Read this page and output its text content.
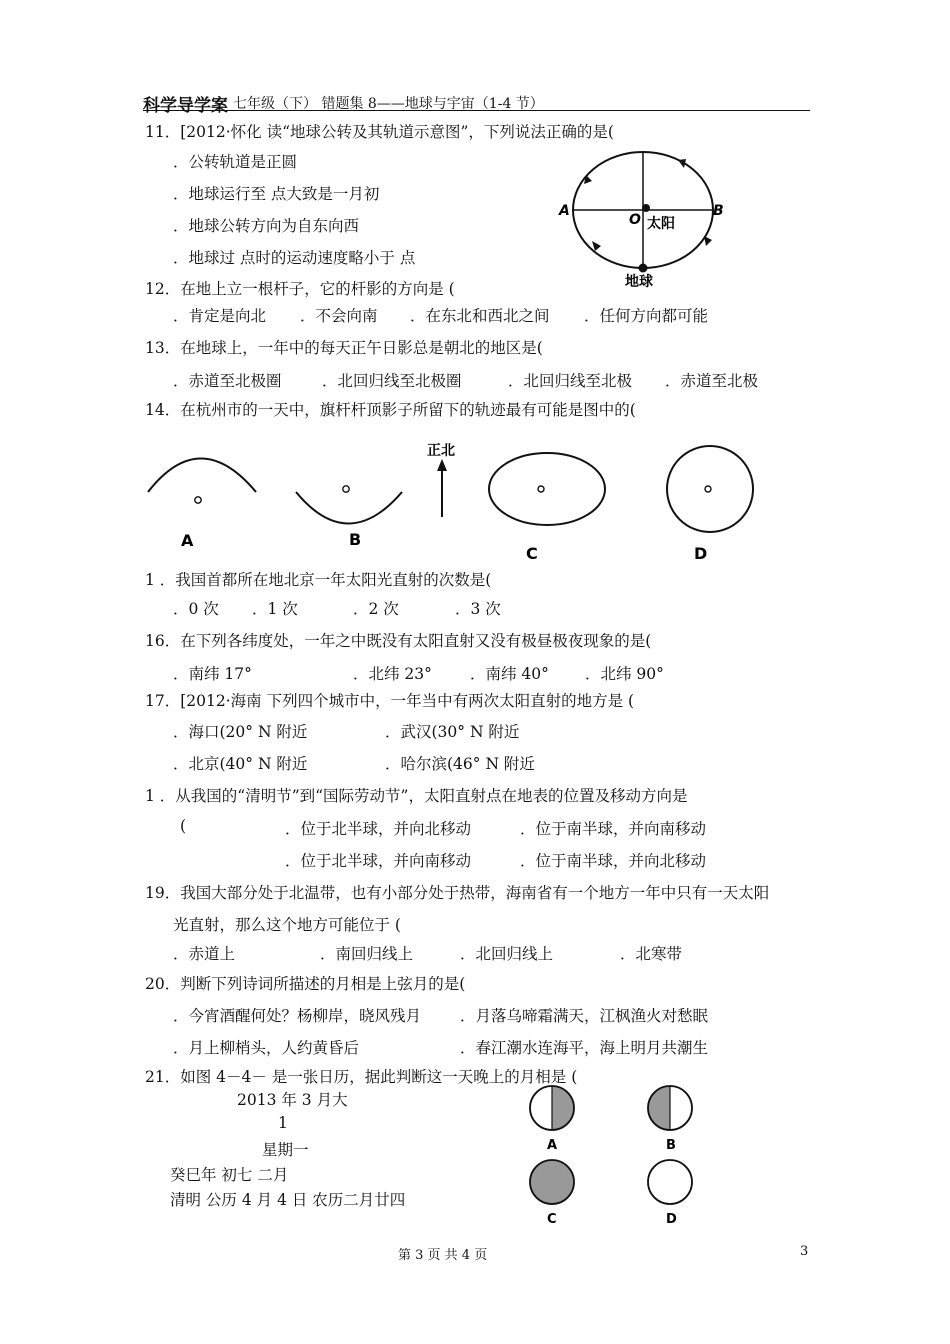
科学导学案 七年级（下） 错题集 8——地球与宇宙（1-4 节）
11．[2012·怀化 读“地球公转及其轨道示意图”，下列说法正确的是(
．公转轨道是正圆
．地球运行至 点大致是一月初
．地球公转方向为自东向西
．地球过 点时的运动速度略小于 点
A	B
O 太阳
地球
12．在地上立一根杆子，它的杆影的方向是 (
．肯定是向北 ．不会向南 ．在东北和西北之间 ．任何方向都可能
13．在地球上，一年中的每天正午日影总是朝北的地区是(
．赤道至北极圈	．北回归线至北极圈	．北回归线至北极 ．赤道至北极
14．在杭州市的一天中，旗杆杆顶影子所留下的轨迹最有可能是图中的(
正北
A	B
C	D
1 ．我国首都所在地北京一年太阳光直射的次数是(
．0 次 ．1 次	．2 次	．3 次
16．在下列各纬度处，一年之中既没有太阳直射又没有极昼极夜现象的是(
．南纬 17°	．北纬 23° ．南纬 40° ．北纬 90°
17．[2012·海南 下列四个城市中，一年当中有两次太阳直射的地方是 (
．海口(20° N 附近	．武汉(30° N 附近
．北京(40° N 附近	．哈尔滨(46° N 附近
1 ．从我国的“清明节”到“国际劳动节”，太阳直射点在地表的位置及移动方向是
(	．位于北半球，并向北移动	．位于南半球，并向南移动
．位于北半球，并向南移动	．位于南半球，并向北移动
19．我国大部分处于北温带，也有小部分处于热带，海南省有一个地方一年中只有一天太阳
光直射，那么这个地方可能位于 (
．赤道上	．南回归线上	．北回归线上	．北寒带
20．判断下列诗词所描述的月相是上弦月的是(
．今宵酒醒何处？杨柳岸，晓风残月	．月落乌啼霜满天，江枫渔火对愁眠
．月上柳梢头，人约黄昏后	．春江潮水连海平，海上明月共潮生
21．如图 4－4－ 是一张日历，据此判断这一天晚上的月相是 (
2013 年 3 月大
1
星期一
癸巳年 初七 二月
清明 公历 4 月 4 日 农历二月廿四
A	B
C	D
第 3 页 共 4 页	3
